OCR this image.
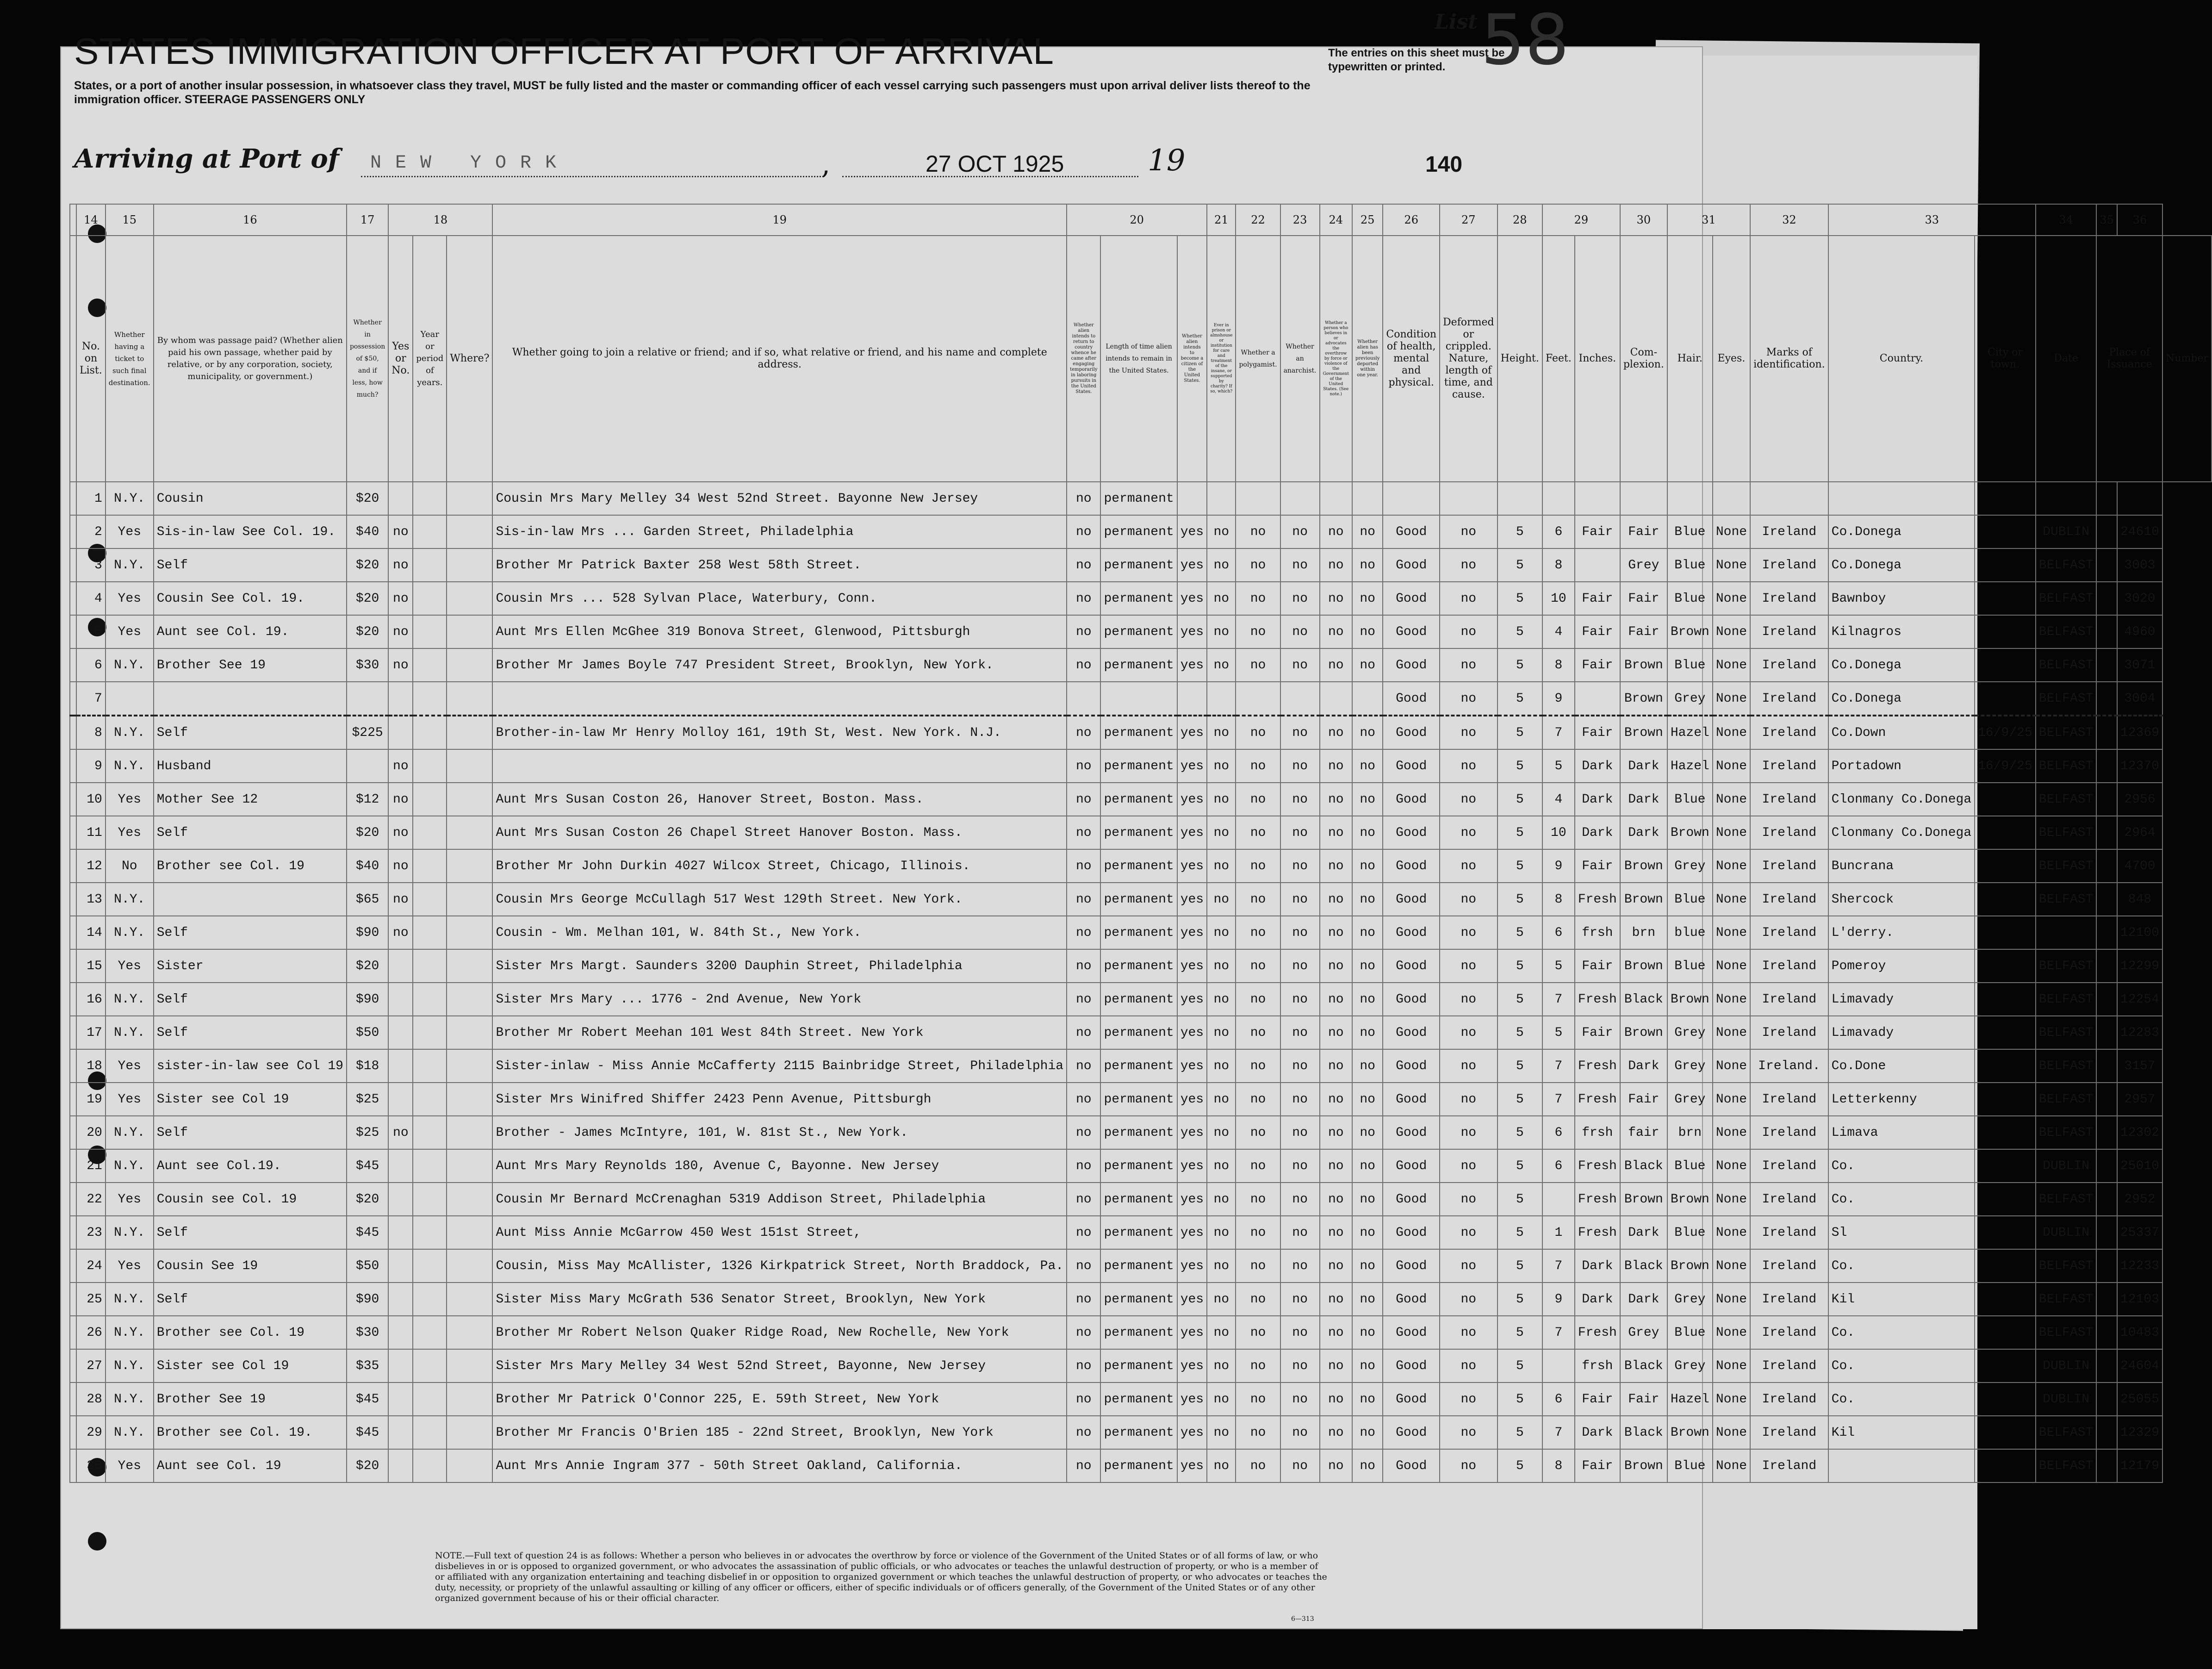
List 58
The entries on this sheet must be typewritten or printed.
STATES IMMIGRATION OFFICER AT PORT OF ARRIVAL
States, or a port of another insular possession, in whatsoever class they travel, MUST be fully listed and the master or commanding officer of each vessel carrying such passengers must upon arrival deliver lists thereof to the immigration officer. STEERAGE PASSENGERS ONLY
Arriving at Port of NEW YORK	,	27 OCT 1925	19	140
	14	15	16	17	18			19	20			21	22	23	24	25	26	27	28	29		30	31		32	33		34	35	36	
	No. on List.	Whether having a ticket to such final destination.	By whom was passage paid? (Whether alien paid his own passage, whether paid by relative, or by any corporation, society, municipality, or government.)	Whether in possession of $50, and if less, how much?	Yes or No.	Year or period of years.	Where?	Whether going to join a relative or friend; and if so, what relative or friend, and his name and complete address.	Whether alien intends to return to country whence he came after engaging temporarily in laboring pursuits in the United States.	Length of time alien intends to remain in the United States.	Whether alien intends to become a citizen of the United States.	Ever in prison or almshouse or institution for care and treatment of the insane, or supported by charity? If so, which?	Whether a polygamist.	Whether an anarchist.	Whether a person who believes in or advocates the overthrow by force or violence of the Government of the United States. (See note.)	Whether alien has been previously deported within one year.	Condition of health, mental and physical.	Deformed or crippled. Nature, length of time, and cause.	Height.	Feet.	Inches.	Com- plexion.	Hair.	Eyes.	Marks of identification.	Country.	City or town.	Date	Place of Issuance		Number
	1	N.Y.	Cousin	$20				Cousin Mrs Mary Melley 34 West 52nd Street. Bayonne New Jersey	no	permanent																					
	2	Yes	Sis-in-law See Col. 19.	$40	no			Sis-in-law Mrs ... Garden Street, Philadelphia	no	permanent	yes	no	no	no	no	no	Good	no	5	6	Fair	Fair	Blue	None	Ireland	Co.Donega		DUBLIN		24610	
	3	N.Y.	Self	$20	no			Brother Mr Patrick Baxter 258 West 58th Street.	no	permanent	yes	no	no	no	no	no	Good	no	5	8		Grey	Blue	None	Ireland	Co.Donega		BELFAST		3003	
	4	Yes	Cousin See Col. 19.	$20	no			Cousin Mrs ... 528 Sylvan Place, Waterbury, Conn.	no	permanent	yes	no	no	no	no	no	Good	no	5	10	Fair	Fair	Blue	None	Ireland	Bawnboy		BELFAST		3020	
	5	Yes	Aunt see Col. 19.	$20	no			Aunt Mrs Ellen McGhee 319 Bonova Street, Glenwood, Pittsburgh	no	permanent	yes	no	no	no	no	no	Good	no	5	4	Fair	Fair	Brown	None	Ireland	Kilnagros		BELFAST		4960	
	6	N.Y.	Brother See 19	$30	no			Brother Mr James Boyle 747 President Street, Brooklyn, New York.	no	permanent	yes	no	no	no	no	no	Good	no	5	8	Fair	Brown	Blue	None	Ireland	Co.Donega		BELFAST		3071	
	7																Good	no	5	9		Brown	Grey	None	Ireland	Co.Donega		BELFAST		3004	
	8	N.Y.	Self	$225				Brother-in-law Mr Henry Molloy 161, 19th St, West. New York. N.J.	no	permanent	yes	no	no	no	no	no	Good	no	5	7	Fair	Brown	Hazel	None	Ireland	Co.Down	16/9/25	BELFAST		12369	
	9	N.Y.	Husband		no				no	permanent	yes	no	no	no	no	no	Good	no	5	5	Dark	Dark	Hazel	None	Ireland	Portadown	16/9/25	BELFAST		12370	
	10	Yes	Mother See 12	$12	no			Aunt Mrs Susan Coston 26, Hanover Street, Boston. Mass.	no	permanent	yes	no	no	no	no	no	Good	no	5	4	Dark	Dark	Blue	None	Ireland	Clonmany Co.Donega		BELFAST		2956	
	11	Yes	Self	$20	no			Aunt Mrs Susan Coston 26 Chapel Street Hanover Boston. Mass.	no	permanent	yes	no	no	no	no	no	Good	no	5	10	Dark	Dark	Brown	None	Ireland	Clonmany Co.Donega		BELFAST		2964	
	12	No	Brother see Col. 19	$40	no			Brother Mr John Durkin 4027 Wilcox Street, Chicago, Illinois.	no	permanent	yes	no	no	no	no	no	Good	no	5	9	Fair	Brown	Grey	None	Ireland	Buncrana		BELFAST		4700	
	13	N.Y.		$65	no			Cousin Mrs George McCullagh 517 West 129th Street. New York.	no	permanent	yes	no	no	no	no	no	Good	no	5	8	Fresh	Brown	Blue	None	Ireland	Shercock		BELFAST		848	
	14	N.Y.	Self	$90	no			Cousin - Wm. Melhan 101, W. 84th St., New York.	no	permanent	yes	no	no	no	no	no	Good	no	5	6	frsh	brn	blue	None	Ireland	L'derry.				12100	
	15	Yes	Sister	$20				Sister Mrs Margt. Saunders 3200 Dauphin Street, Philadelphia	no	permanent	yes	no	no	no	no	no	Good	no	5	5	Fair	Brown	Blue	None	Ireland	Pomeroy		BELFAST		12299	
	16	N.Y.	Self	$90				Sister Mrs Mary ... 1776 - 2nd Avenue, New York	no	permanent	yes	no	no	no	no	no	Good	no	5	7	Fresh	Black	Brown	None	Ireland	Limavady		BELFAST		12254	
	17	N.Y.	Self	$50				Brother Mr Robert Meehan 101 West 84th Street. New York	no	permanent	yes	no	no	no	no	no	Good	no	5	5	Fair	Brown	Grey	None	Ireland	Limavady		BELFAST		12283	
	18	Yes	sister-in-law see Col 19	$18				Sister-inlaw - Miss Annie McCafferty 2115 Bainbridge Street, Philadelphia	no	permanent	yes	no	no	no	no	no	Good	no	5	7	Fresh	Dark	Grey	None	Ireland.	Co.Done		BELFAST		3157	
	19	Yes	Sister see Col 19	$25				Sister Mrs Winifred Shiffer 2423 Penn Avenue, Pittsburgh	no	permanent	yes	no	no	no	no	no	Good	no	5	7	Fresh	Fair	Grey	None	Ireland	Letterkenny		BELFAST		2957	
	20	N.Y.	Self	$25	no			Brother - James McIntyre, 101, W. 81st St., New York.	no	permanent	yes	no	no	no	no	no	Good	no	5	6	frsh	fair	brn	None	Ireland	Limava		BELFAST		12302	
	21	N.Y.	Aunt see Col.19.	$45				Aunt Mrs Mary Reynolds 180, Avenue C, Bayonne. New Jersey	no	permanent	yes	no	no	no	no	no	Good	no	5	6	Fresh	Black	Blue	None	Ireland	Co.		DUBLIN		25010	
	22	Yes	Cousin see Col. 19	$20				Cousin Mr Bernard McCrenaghan 5319 Addison Street, Philadelphia	no	permanent	yes	no	no	no	no	no	Good	no	5		Fresh	Brown	Brown	None	Ireland	Co.		BELFAST		2952	
	23	N.Y.	Self	$45				Aunt Miss Annie McGarrow 450 West 151st Street,	no	permanent	yes	no	no	no	no	no	Good	no	5	1	Fresh	Dark	Blue	None	Ireland	Sl		DUBLIN		25337	
	24	Yes	Cousin See 19	$50				Cousin, Miss May McAllister, 1326 Kirkpatrick Street, North Braddock, Pa.	no	permanent	yes	no	no	no	no	no	Good	no	5	7	Dark	Black	Brown	None	Ireland	Co.		BELFAST		12233	
	25	N.Y.	Self	$90				Sister Miss Mary McGrath 536 Senator Street, Brooklyn, New York	no	permanent	yes	no	no	no	no	no	Good	no	5	9	Dark	Dark	Grey	None	Ireland	Kil		BELFAST		12103	
	26	N.Y.	Brother see Col. 19	$30				Brother Mr Robert Nelson Quaker Ridge Road, New Rochelle, New York	no	permanent	yes	no	no	no	no	no	Good	no	5	7	Fresh	Grey	Blue	None	Ireland	Co.		BELFAST		10483	
	27	N.Y.	Sister see Col 19	$35				Sister Mrs Mary Melley 34 West 52nd Street, Bayonne, New Jersey	no	permanent	yes	no	no	no	no	no	Good	no	5		frsh	Black	Grey	None	Ireland	Co.		DUBLIN		24604	
	28	N.Y.	Brother See 19	$45				Brother Mr Patrick O'Connor 225, E. 59th Street, New York	no	permanent	yes	no	no	no	no	no	Good	no	5	6	Fair	Fair	Hazel	None	Ireland	Co.		DUBLIN		25055	
	29	N.Y.	Brother see Col. 19.	$45				Brother Mr Francis O'Brien 185 - 22nd Street, Brooklyn, New York	no	permanent	yes	no	no	no	no	no	Good	no	5	7	Dark	Black	Brown	None	Ireland	Kil		BELFAST		12329	
	30	Yes	Aunt see Col. 19	$20				Aunt Mrs Annie Ingram 377 - 50th Street Oakland, California.	no	permanent	yes	no	no	no	no	no	Good	no	5	8	Fair	Brown	Blue	None	Ireland			BELFAST		12179	
NOTE.—Full text of question 24 is as follows: Whether a person who believes in or advocates the overthrow by force or violence of the Government of the United States or of all forms of law, or who disbelieves in or is opposed to organized government, or who advocates the assassination of public officials, or who advocates or teaches the unlawful destruction of property, or who is a member of or affiliated with any organization entertaining and teaching disbelief in or opposition to organized government or which teaches the unlawful destruction of property, or who advocates or teaches the duty, necessity, or propriety of the unlawful assaulting or killing of any officer or officers, either of specific individuals or of officers generally, of the Government of the United States or of any other organized government because of his or their official character.
6—313
